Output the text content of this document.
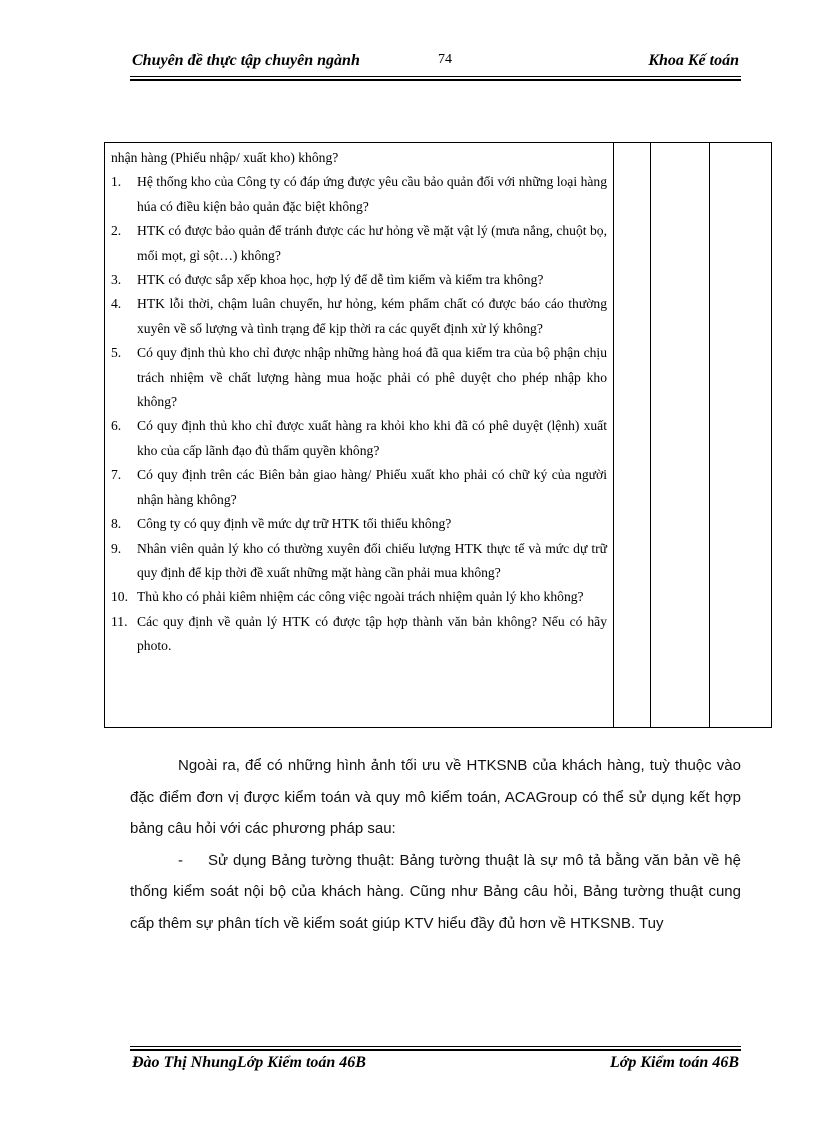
Chuyên đề thực tập chuyên ngành	74	Khoa Kế toán
nhận hàng (Phiếu nhập/ xuất kho) không?
1.	Hệ thống kho của Công ty có đáp ứng được yêu cầu bảo quản đối với những loại hàng húa có điều kiện bảo quản đặc biệt không?
2.	HTK có được bảo quản để tránh được các hư hỏng về mặt vật lý (mưa nắng, chuột bọ, mối mọt, gỉ sột…) không?
3.	HTK có được sắp xếp khoa học, hợp lý để dễ tìm kiếm và kiểm tra không?
4.	HTK lỗi thời, chậm luân chuyển, hư hỏng, kém phẩm chất có được báo cáo thường xuyên về số lượng và tình trạng để kịp thời ra các quyết định xử lý không?
5.	Có quy định thủ kho chỉ được nhập những hàng hoá đã qua kiểm tra của bộ phận chịu trách nhiệm về chất lượng hàng mua hoặc phải có phê duyệt cho phép nhập kho không?
6.	Có quy định thủ kho chỉ được xuất hàng ra khỏi kho khi đã có phê duyệt (lệnh) xuất kho của cấp lãnh đạo đủ thẩm quyền không?
7.	Có quy định trên các Biên bản giao hàng/ Phiếu xuất kho phải có chữ ký của người nhận hàng không?
8.	Công ty có quy định về mức dự trữ HTK tối thiểu không?
9.	Nhân viên quản lý kho có thường xuyên đối chiếu lượng HTK thực tế và mức dự trữ quy định để kịp thời đề xuất những mặt hàng cần phải mua không?
10. Thủ kho có phải kiêm nhiệm các công việc ngoài trách nhiệm quản lý kho không?
11. Các quy định về quản lý HTK có được tập hợp thành văn bản không? Nếu có hãy photo.

Ngoài ra, để có những hình ảnh tối ưu về HTKSNB của khách hàng, tuỳ thuộc vào đặc điểm đơn vị được kiểm toán và quy mô kiểm toán, ACAGroup có thể sử dụng kết hợp bảng câu hỏi với các phương pháp sau:

- Sử dụng Bảng tường thuật: Bảng tường thuật là sự mô tả bằng văn bản về hệ thống kiểm soát nội bộ của khách hàng. Cũng như Bảng câu hỏi, Bảng tường thuật cung cấp thêm sự phân tích về kiểm soát giúp KTV hiểu đầy đủ hơn về HTKSNB. Tuy

Đào Thị NhungLớp Kiểm toán 46B	Lớp Kiểm toán 46B
